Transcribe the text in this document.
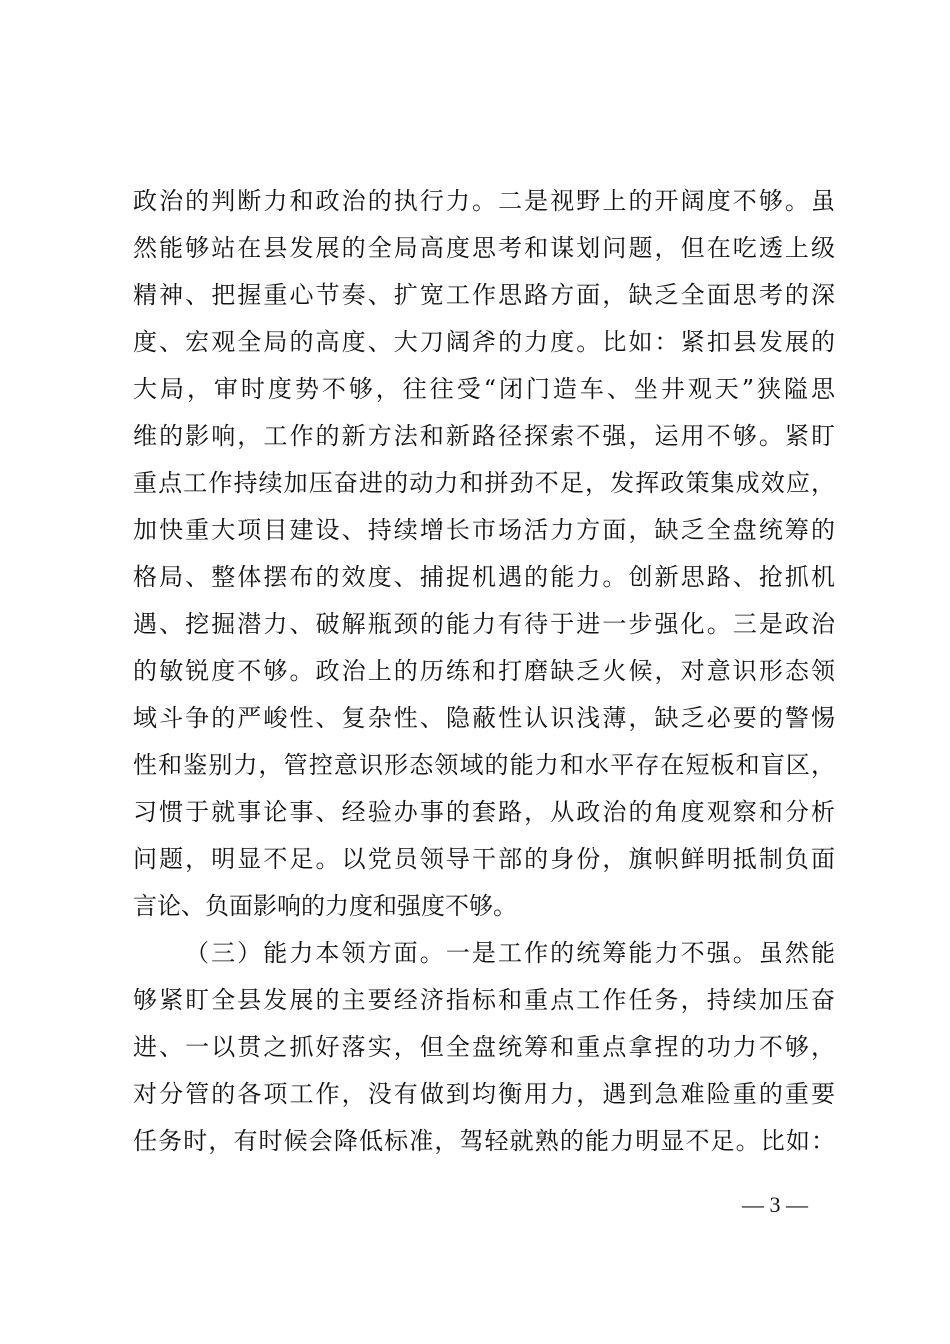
政治的判断力和政治的执行力。二是视野上的开阔度不够。虽
然能够站在县发展的全局高度思考和谋划问题，但在吃透上级
精神、把握重心节奏、扩宽工作思路方面，缺乏全面思考的深
度、宏观全局的高度、大刀阔斧的力度。比如：紧扣县发展的
大局，审时度势不够，往往受“闭门造车、坐井观天”狭隘思
维的影响，工作的新方法和新路径探索不强，运用不够。紧盯
重点工作持续加压奋进的动力和拼劲不足，发挥政策集成效应，
加快重大项目建设、持续增长市场活力方面，缺乏全盘统筹的
格局、整体摆布的效度、捕捉机遇的能力。创新思路、抢抓机
遇、挖掘潜力、破解瓶颈的能力有待于进一步强化。三是政治
的敏锐度不够。政治上的历练和打磨缺乏火候，对意识形态领
域斗争的严峻性、复杂性、隐蔽性认识浅薄，缺乏必要的警惕
性和鉴别力，管控意识形态领域的能力和水平存在短板和盲区，
习惯于就事论事、经验办事的套路，从政治的角度观察和分析
问题，明显不足。以党员领导干部的身份，旗帜鲜明抵制负面
言论、负面影响的力度和强度不够。
（三）能力本领方面。一是工作的统筹能力不强。虽然能
够紧盯全县发展的主要经济指标和重点工作任务，持续加压奋
进、一以贯之抓好落实，但全盘统筹和重点拿捏的功力不够，
对分管的各项工作，没有做到均衡用力，遇到急难险重的重要
任务时，有时候会降低标准，驾轻就熟的能力明显不足。比如：
— 3 —
